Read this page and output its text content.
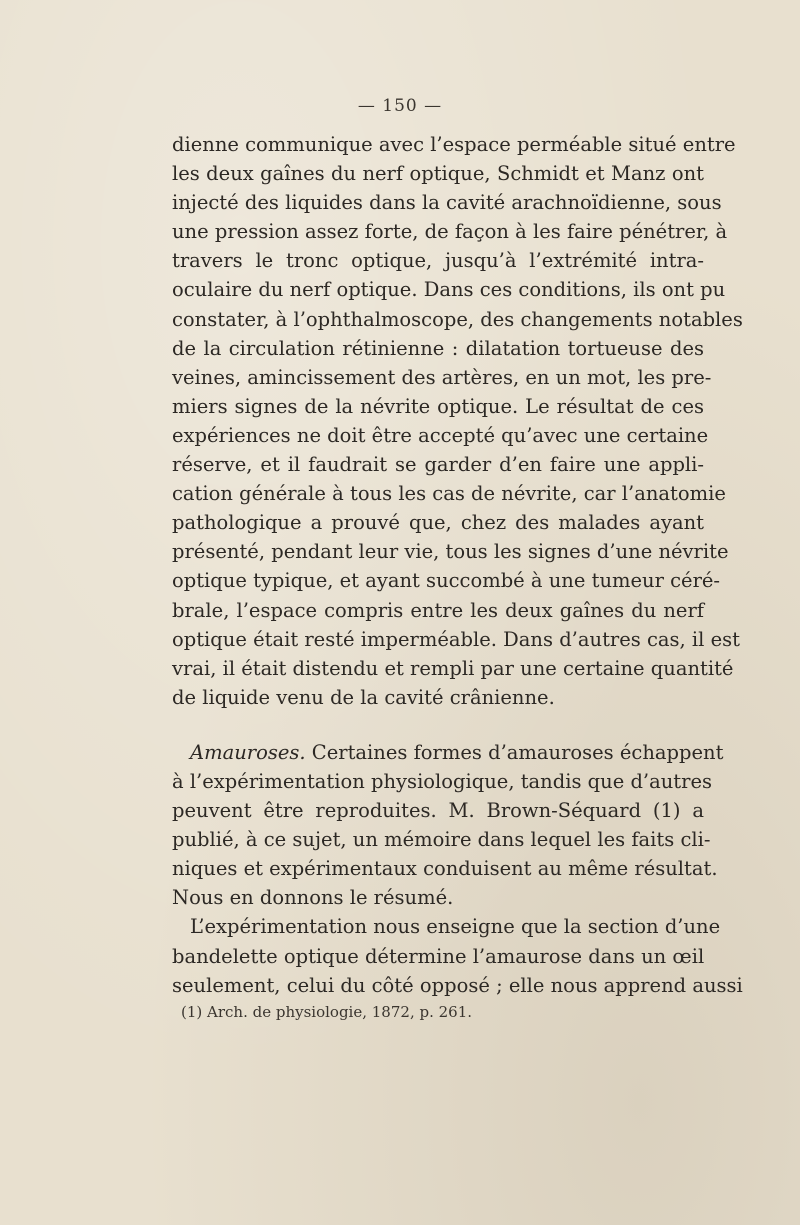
— 150 —
dienne communique avec l’espace perméable situé entre
les deux gaînes du nerf optique, Schmidt et Manz ont
injecté des liquides dans la cavité arachnoïdienne, sous
une pression assez forte, de façon à les faire pénétrer, à
travers le tronc optique, jusqu’à l’extrémité intra-
oculaire du nerf optique. Dans ces conditions, ils ont pu
constater, à l’ophthalmoscope, des changements notables
de la circulation rétinienne : dilatation tortueuse des
veines, amincissement des artères, en un mot, les pre-
miers signes de la névrite optique. Le résultat de ces
expériences ne doit être accepté qu’avec une certaine
réserve, et il faudrait se garder d’en faire une appli-
cation générale à tous les cas de névrite, car l’anatomie
pathologique a prouvé que, chez des malades ayant
présenté, pendant leur vie, tous les signes d’une névrite
optique typique, et ayant succombé à une tumeur céré-
brale, l’espace compris entre les deux gaînes du nerf
optique était resté imperméable. Dans d’autres cas, il est
vrai, il était distendu et rempli par une certaine quantité
de liquide venu de la cavité crânienne.
Amauroses. Certaines formes d’amauroses échappent
à l’expérimentation physiologique, tandis que d’autres
peuvent être reproduites. M. Brown-Séquard (1) a
publié, à ce sujet, un mémoire dans lequel les faits cli-
niques et expérimentaux conduisent au même résultat.
Nous en donnons le résumé.
L’expérimentation nous enseigne que la section d’une
bandelette optique détermine l’amaurose dans un œil
seulement, celui du côté opposé ; elle nous apprend aussi
(1) Arch. de physiologie, 1872, p. 261.
